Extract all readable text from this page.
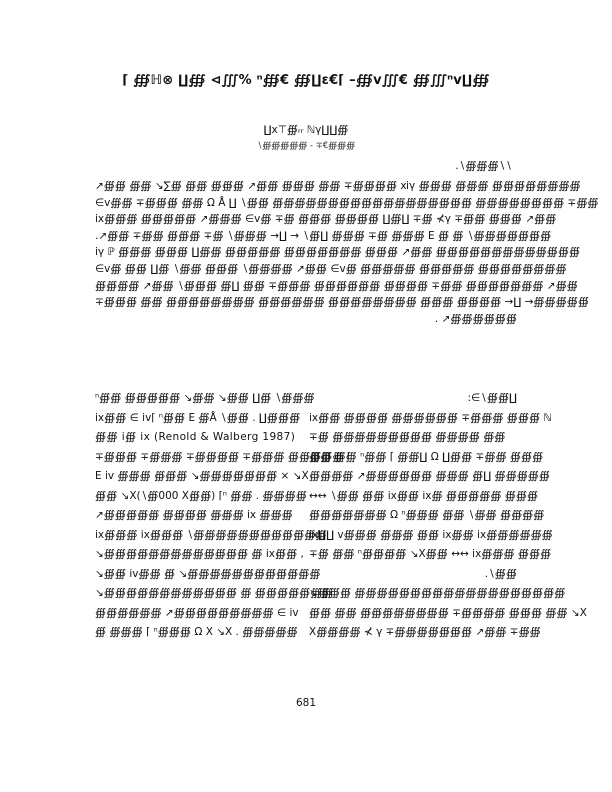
⌈ ∰ℍ⊗ ∐∰ ⊲∭% ⁿ∰€ ∰∐ε€⌈ –∰v∭€ ∰∭ⁿv∐∰
∐x⊤∰ᵣᵣ ℕγ∐∐∰
∖∰∰∰∰∰ - ∓€∰∰∰
.∖∰∰∰∖∖
↗∰∰ ∰∰ ↘∑∰ ∰∰ ∰∰∰ ↗∰∰ ∰∰∰ ∰∰ ∓∰∰∰∰ ⅺγ ∰∰∰ ∰∰∰ ∰∰∰∰∰∰∰∰
∈v∰∰ ∓∰∰∰ ∰∰ Ω Å ∐ ∖∰∰ ∰∰∰∰∰∰∰∰∰∰∰∰∰∰∰∰∰∰ ∰∰∰∰∰∰∰∰ ∓∰∰
ⅰx∰∰∰ ∰∰∰∰∰ ↗∰∰∰ ∈v∰ ∓∰ ∰∰∰ ∰∰∰∰ ∐∰∐ ∓∰ ⊀γ ∓∰∰ ∰∰∰ ↗∰∰
.↗∰∰ ∓∰∰ ∰∰∰ ∓∰ ∖∰∰∰ →∐ → ∖∰∐ ∰∰∰ ∓∰ ∰∰∰ E ∰ ∰ ∖∰∰∰∰∰∰∰
ⅰγ ℙ ∰∰∰ ∰∰∰ ∐∰∰ ∰∰∰∰∰ ∰∰∰∰∰∰∰ ∰∰∰ ↗∰∰ ∰∰∰∰∰∰∰∰∰∰∰∰∰
∈v∰ ∰∰ ∐∰ ∖∰∰ ∰∰∰ ∖∰∰∰∰ ↗∰∰ ∈v∰ ∰∰∰∰∰ ∰∰∰∰∰ ∰∰∰∰∰∰∰∰
∰∰∰∰ ↗∰∰ ∖∰∰∰ ∰∐ ∰∰ ∓∰∰∰ ∰∰∰∰∰∰ ∰∰∰∰ ∓∰∰ ∰∰∰∰∰∰∰ ↗∰∰
∓∰∰∰ ∰∰ ∰∰∰∰∰∰∰∰ ∰∰∰∰∰∰ ∰∰∰∰∰∰∰∰ ∰∰∰ ∰∰∰∰ →∐ →∰∰∰∰∰
. ↗∰∰∰∰∰∰
ⁿ∰∰ ∰∰∰∰∰ ↘∰∰ ↘∰∰ ∐∰ ∖∰∰∰
ⅰx∰∰ ∈ ⅰv⌈ ⁿ∰∰ E ∰Å ∖∰∰ . ∐∰∰∰
∰∰ ⅰ∰ ⅰx (Renold & Walberg 1987)
∓∰∰∰ ∓∰∰∰ ∓∰∰∰∰ ∓∰∰∰ ∰∰∰∰∰ ⅰ
E ⅰv ∰∰∰ ∰∰∰ ↘∰∰∰∰∰∰∰ × ↘X
∰∰ ↘X(∖∰000 X∰∰) ⌈ⁿ ∰∰ . ∰∰∰∰
↗∰∰∰∰∰ ∰∰∰∰ ∰∰∰ ⅰx ∰∰∰
ⅰx∰∰∰ ⅰx∰∰∰ ∖∰∰∰∰∰∰∰∰∰∰∰∰
↘∰∰∰∰∰∰∰∰∰∰∰∰∰ ∰ ⅰx∰∰ ,
↘∰∰ ⅰv∰∰ ∰ ↘∰∰∰∰∰∰∰∰∰∰∰∰
↘∰∰∰∰∰∰∰∰∰∰∰∰ ∰ ∰∰∰∰∰∰∰
∰∰∰∰∰∰ ↗∰∰∰∰∰∰∰∰∰ ∈ ⅰv
∰ ∰∰∰ ⌈ ⁿ∰∰∰ Ω X ↘X . ∰∰∰∰∰
:∈∖∰∰∐
ⅰx∰∰ ∰∰∰∰ ∰∰∰∰∰∰ ∓∰∰∰ ∰∰∰ ℕ
∓∰ ∰∰∰∰∰∰∰∰∰ ∰∰∰∰ ∰∰
∰∰ ∰∰ ⁿ∰∰ ⌈ ∰∰∐ Ω ∐∰∰ ∓∰∰ ∰∰∰
∰∰∰∰ ↗∰∰∰∰∰∰ ∰∰∰ ∰∐ ∰∰∰∰∰
↔↔ ∖∰∰ ∰∰ ⅰx∰∰ ⅰx∰ ∰∰∰∰∰ ∰∰∰
∰∰∰∰∰∰∰ Ω ⁿ∰∰∰ ∰∰ ∖∰∰ ∰∰∰∰
ⅰx∐∐ v∰∰∰ ∰∰∰ ∰∰ ⅰx∰∰ ⅰx∰∰∰∰∰∰
∓∰ ∰∰ ⁿ∰∰∰∰ ↘X∰∰ ↔↔ ⅰx∰∰∰ ∰∰∰
.∖∰∰
↘∰∰∰ ∰∰∰∰∰∰∰∰∰∰∰∰∰∰∰∰∰∰∰
∰∰ ∰∰ ∰∰∰∰∰∰∰∰ ∓∰∰∰∰ ∰∰∰ ∰∰ ↘X
X∰∰∰∰ ⊀ γ ∓∰∰∰∰∰∰∰ ↗∰∰ ∓∰∰
681
